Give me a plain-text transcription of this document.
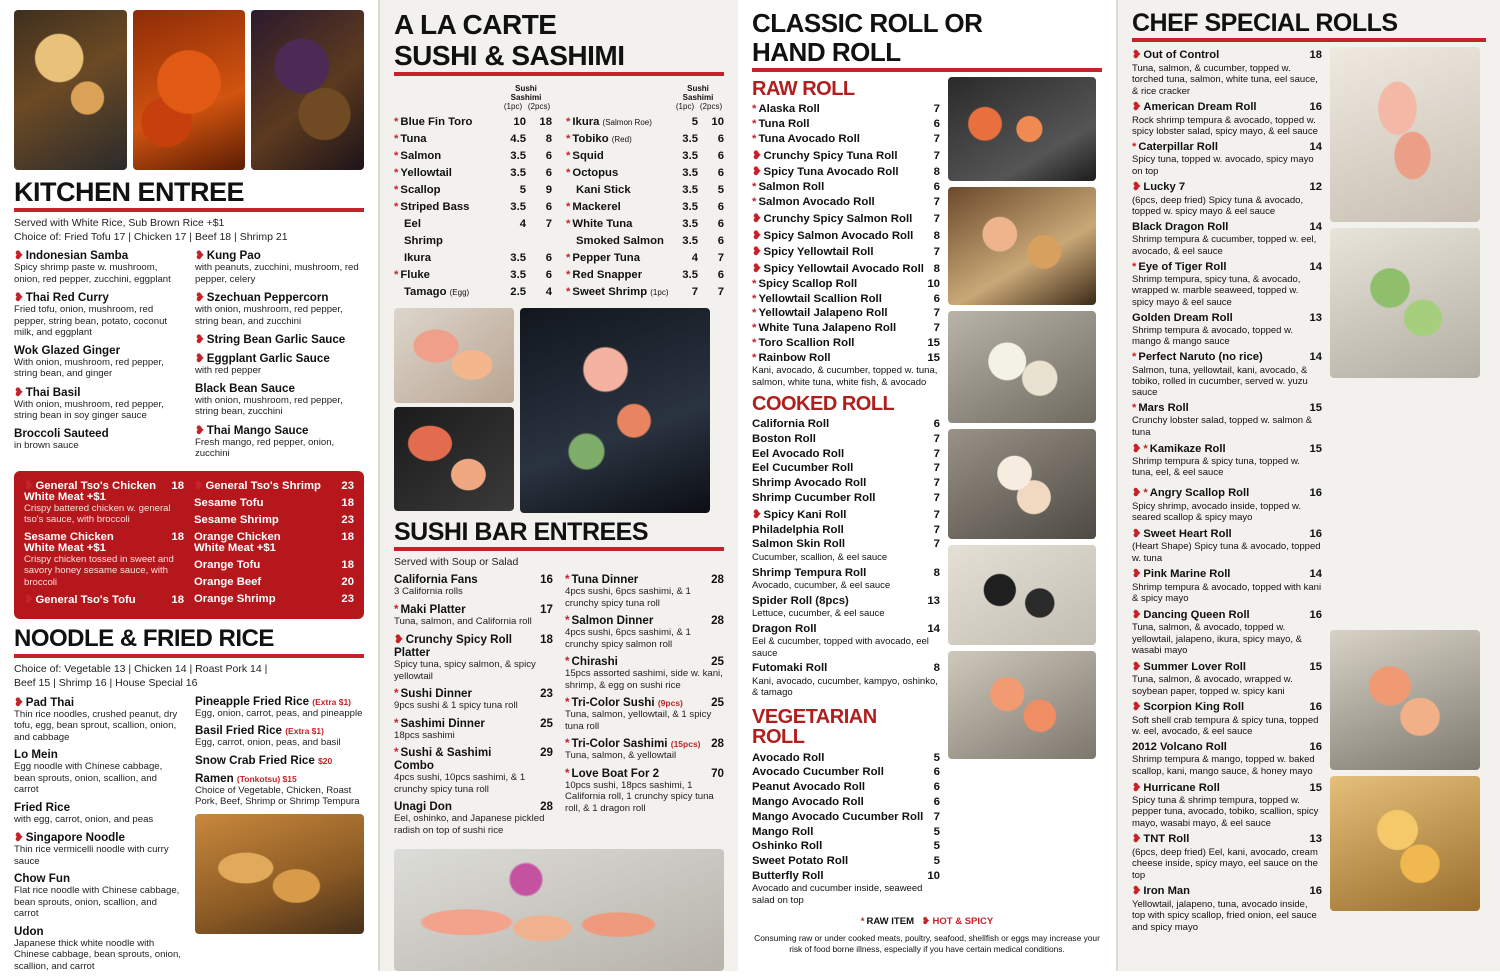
KITCHEN ENTREE
Served with White Rice, Sub Brown Rice +$1
Choice of: Fried Tofu 17 | Chicken 17 | Beef 18 | Shrimp 21
❥ Indonesian Samba
Spicy shrimp paste w. mushroom, onion, red pepper, zucchini, eggplant
❥ Thai Red Curry
Fried tofu, onion, mushroom, red pepper, string bean, potato, coconut milk, and eggplant
Wok Glazed Ginger
With onion, mushroom, red pepper, string bean, and ginger
❥ Thai Basil
With onion, mushroom, red pepper, string bean in soy ginger sauce
Broccoli Sauteed
in brown sauce
❥ Kung Pao
with peanuts, zucchini, mushroom, red pepper, celery
❥ Szechuan Peppercorn
with onion, mushroom, red pepper, string bean, and zucchini
❥ String Bean Garlic Sauce
❥ Eggplant Garlic Sauce
with red pepper
Black Bean Sauce
with onion, mushroom, red pepper, string bean, zucchini
❥ Thai Mango Sauce
Fresh mango, red pepper, onion, zucchini
❥ General Tso's Chicken	18
White Meat +$1
Crispy battered chicken w. general tso's sauce, with broccoli
Sesame Chicken	18
White Meat +$1
Crispy chicken tossed in sweet and savory honey sesame sauce, with broccoli
❥ General Tso's Tofu	18
❥ General Tso's Shrimp	23
Sesame Tofu	18
Sesame Shrimp	23
Orange Chicken	18
White Meat +$1
Orange Tofu	18
Orange Beef	20
Orange Shrimp	23
NOODLE & FRIED RICE
Choice of: Vegetable 13 | Chicken 14 | Roast Pork 14 |
Beef 15 | Shrimp 16 | House Special 16
❥ Pad Thai
Thin rice noodles, crushed peanut, dry tofu, egg, bean sprout, scallion, onion, and cabbage
Lo Mein
Egg noodle with Chinese cabbage, bean sprouts, onion, scallion, and carrot
Fried Rice
with egg, carrot, onion, and peas
❥ Singapore Noodle
Thin rice vermicelli noodle with curry sauce
Chow Fun
Flat rice noodle with Chinese cabbage, bean sprouts, onion, scallion, and carrot
Udon
Japanese thick white noodle with Chinese cabbage, bean sprouts, onion, scallion, and carrot
Pineapple Fried Rice (Extra $1)
Egg, onion, carrot, peas, and pineapple
Basil Fried Rice (Extra $1)
Egg, carrot, onion, peas, and basil
Snow Crab Fried Rice $20
Ramen (Tonkotsu) $15
Choice of Vegetable, Chicken, Roast Pork, Beef, Shrimp or Shrimp Tempura
A LA CARTE
SUSHI & SASHIMI
	Sushi Sashimi	
	(1pc)	(2pcs)
* Blue Fin Toro	10	18
* Tuna	4.5	8
* Salmon	3.5	6
* Yellowtail	3.5	6
* Scallop	5	9
* Striped Bass	3.5	6
Eel	4	7
Shrimp		
Ikura	3.5	6
* Fluke	3.5	6
Tamago (Egg)	2.5	4
	Sushi Sashimi	
	(1pc)	(2pcs)
* Ikura (Salmon Roe)	5	10
* Tobiko (Red)	3.5	6
* Squid	3.5	6
* Octopus	3.5	6
Kani Stick	3.5	5
* Mackerel	3.5	6
* White Tuna	3.5	6
Smoked Salmon	3.5	6
* Pepper Tuna	4	7
* Red Snapper	3.5	6
* Sweet Shrimp (1pc)	7	7
SUSHI BAR ENTREES
Served with Soup or Salad
California Fans	16
3 California rolls
* Maki Platter	17
Tuna, salmon, and California roll
❥ Crunchy Spicy Roll Platter
18
Spicy tuna, spicy salmon, & spicy yellowtail
* Sushi Dinner	23
9pcs sushi & 1 spicy tuna roll
* Sashimi Dinner	25
18pcs sashimi
* Sushi & Sashimi Combo
29
4pcs sushi, 10pcs sashimi, & 1 crunchy spicy tuna roll
Unagi Don	28
Eel, oshinko, and Japanese pickled radish on top of sushi rice
* Tuna Dinner	28
4pcs sushi, 6pcs sashimi, & 1 crunchy spicy tuna roll
* Salmon Dinner	28
4pcs sushi, 6pcs sashimi, & 1 crunchy spicy salmon roll
* Chirashi	25
15pcs assorted sashimi, side w. kani, shrimp, & egg on sushi rice
* Tri-Color Sushi (9pcs)	25
Tuna, salmon, yellowtail, & 1 spicy tuna roll
* Tri-Color Sashimi (15pcs) 28
Tuna, salmon, & yellowtail
* Love Boat For 2	70
10pcs sushi, 18pcs sashimi, 1 California roll, 1 crunchy spicy tuna roll, & 1 dragon roll
CLASSIC ROLL OR
HAND ROLL
RAW ROLL
* Alaska Roll	7
* Tuna Roll	6
* Tuna Avocado Roll	7
❥ Crunchy Spicy Tuna Roll	7
❥ Spicy Tuna Avocado Roll	8
* Salmon Roll	6
* Salmon Avocado Roll	7
❥ Crunchy Spicy Salmon Roll	7
❥ Spicy Salmon Avocado Roll	8
❥ Spicy Yellowtail Roll	7
❥ Spicy Yellowtail Avocado Roll 8
* Spicy Scallop Roll	10
* Yellowtail Scallion Roll	6
* Yellowtail Jalapeno Roll	7
* White Tuna Jalapeno Roll	7
* Toro Scallion Roll	15
* Rainbow Roll	15
Kani, avocado, & cucumber, topped w. tuna, salmon, white tuna, white fish, & avocado
COOKED ROLL
California Roll	6
Boston Roll	7
Eel Avocado Roll	7
Eel Cucumber Roll	7
Shrimp Avocado Roll	7
Shrimp Cucumber Roll	7
❥ Spicy Kani Roll	7
Philadelphia Roll	7
Salmon Skin Roll	7
Cucumber, scallion, & eel sauce
Shrimp Tempura Roll	8
Avocado, cucumber, & eel sauce
Spider Roll (8pcs)	13
Lettuce, cucumber, & eel sauce
Dragon Roll	14
Eel & cucumber, topped with avocado, eel sauce
Futomaki Roll	8
Kani, avocado, cucumber, kampyo, oshinko, & tamago
VEGETARIAN
ROLL
Avocado Roll	5
Avocado Cucumber Roll	6
Peanut Avocado Roll	6
Mango Avocado Roll	6
Mango Avocado Cucumber Roll 7
Mango Roll	5
Oshinko Roll	5
Sweet Potato Roll	5
Butterfly Roll	10
Avocado and cucumber inside, seaweed salad on top
* RAW ITEM ❥ HOT & SPICY
Consuming raw or under cooked meats, poultry, seafood, shellfish or eggs may increase your risk of food borne illness, especially if you have certain medical conditions.
CHEF SPECIAL ROLLS
❥ Out of Control	18
Tuna, salmon, & cucumber, topped w. torched tuna, salmon, white tuna, eel sauce, & rice cracker
❥ American Dream Roll	16
Rock shrimp tempura & avocado, topped w. spicy lobster salad, spicy mayo, & eel sauce
* Caterpillar Roll	14
Spicy tuna, topped w. avocado, spicy mayo on top
❥ Lucky 7	12
(6pcs, deep fried) Spicy tuna & avocado, topped w. spicy mayo & eel sauce
Black Dragon Roll	14
Shrimp tempura & cucumber, topped w. eel, avocado, & eel sauce
* Eye of Tiger Roll	14
Shrimp tempura, spicy tuna, & avocado, wrapped w. marble seaweed, topped w. spicy mayo & eel sauce
Golden Dream Roll	13
Shrimp tempura & avocado, topped w. mango & mango sauce
* Perfect Naruto (no rice)	14
Salmon, tuna, yellowtail, kani, avocado, & tobiko, rolled in cucumber, served w. yuzu sauce
* Mars Roll	15
Crunchy lobster salad, topped w. salmon & tuna
❥ * Kamikaze Roll	15
Shrimp tempura & spicy tuna, topped w. tuna, eel, & eel sauce
❥ * Angry Scallop Roll	16
Spicy shrimp, avocado inside, topped w. seared scallop & spicy mayo
❥ Sweet Heart Roll	16
(Heart Shape) Spicy tuna & avocado, topped w. tuna
❥ Pink Marine Roll	14
Shrimp tempura & avocado, topped with kani & spicy mayo
❥ Dancing Queen Roll	16
Tuna, salmon, & avocado, topped w. yellowtail, jalapeno, ikura, spicy mayo, & wasabi mayo
❥ Summer Lover Roll	15
Tuna, salmon, & avocado, wrapped w. soybean paper, topped w. spicy kani
❥ Scorpion King Roll	16
Soft shell crab tempura & spicy tuna, topped w. eel, avocado, & eel sauce
2012 Volcano Roll	16
Shrimp tempura & mango, topped w. baked scallop, kani, mango sauce, & honey mayo
❥ Hurricane Roll	15
Spicy tuna & shrimp tempura, topped w. pepper tuna, avocado, tobiko, scallion, spicy mayo, wasabi mayo, & eel sauce
❥ TNT Roll	13
(6pcs, deep fried) Eel, kani, avocado, cream cheese inside, spicy mayo, eel sauce on the top
❥ Iron Man	16
Yellowtail, jalapeno, tuna, avocado inside, top with spicy scallop, fried onion, eel sauce and spicy mayo
